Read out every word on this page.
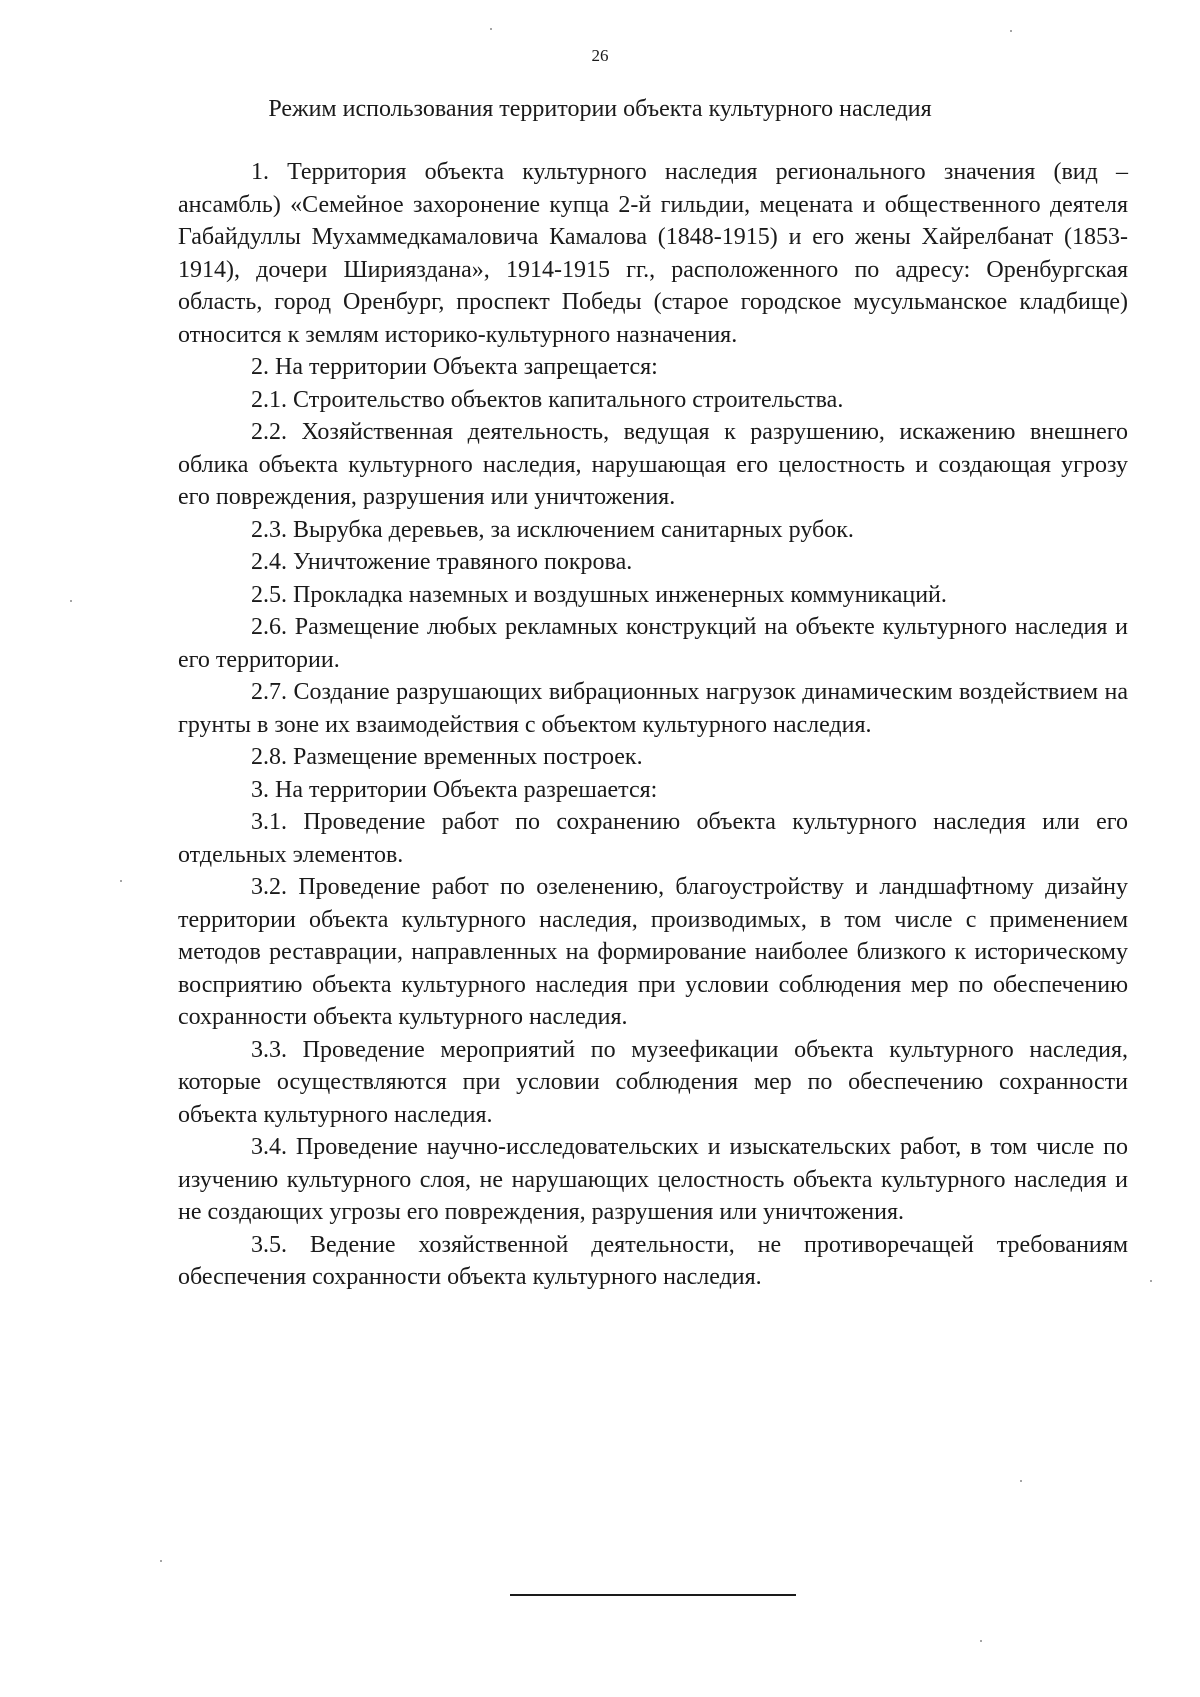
26
Режим использования территории объекта культурного наследия

1. Территория объекта культурного наследия регионального значения (вид – ансамбль) «Семейное захоронение купца 2-й гильдии, мецената и общественного деятеля Габайдуллы Мухаммедкамаловича Камалова (1848-1915) и его жены Хайрелбанат (1853-1914), дочери Ширияздана», 1914-1915 гг., расположенного по адресу: Оренбургская область, город Оренбург, проспект Победы (старое городское мусульманское кладбище) относится к землям историко-культурного назначения.

2. На территории Объекта запрещается:

2.1. Строительство объектов капитального строительства.

2.2. Хозяйственная деятельность, ведущая к разрушению, искажению внешнего облика объекта культурного наследия, нарушающая его целостность и создающая угрозу его повреждения, разрушения или уничтожения.

2.3. Вырубка деревьев, за исключением санитарных рубок.

2.4. Уничтожение травяного покрова.

2.5. Прокладка наземных и воздушных инженерных коммуникаций.

2.6. Размещение любых рекламных конструкций на объекте культурного наследия и его территории.

2.7. Создание разрушающих вибрационных нагрузок динамическим воздействием на грунты в зоне их взаимодействия с объектом культурного наследия.

2.8. Размещение временных построек.

3. На территории Объекта разрешается:

3.1. Проведение работ по сохранению объекта культурного наследия или его отдельных элементов.

3.2. Проведение работ по озеленению, благоустройству и ландшафтному дизайну территории объекта культурного наследия, производимых, в том числе с применением методов реставрации, направленных на формирование наиболее близкого к историческому восприятию объекта культурного наследия при условии соблюдения мер по обеспечению сохранности объекта культурного наследия.

3.3. Проведение мероприятий по музеефикации объекта культурного наследия, которые осуществляются при условии соблюдения мер по обеспечению сохранности объекта культурного наследия.

3.4. Проведение научно-исследовательских и изыскательских работ, в том числе по изучению культурного слоя, не нарушающих целостность объекта культурного наследия и не создающих угрозы его повреждения, разрушения или уничтожения.

3.5. Ведение хозяйственной деятельности, не противоречащей требованиям обеспечения сохранности объекта культурного наследия.
